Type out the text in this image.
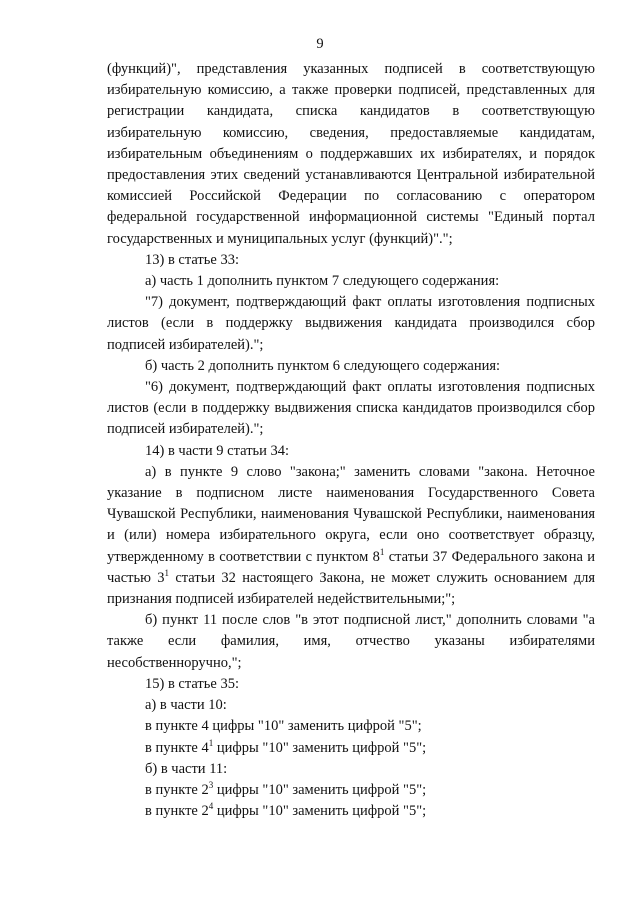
9

(функций)", представления указанных подписей в соответствующую избирательную комиссию, а также проверки подписей, представленных для регистрации кандидата, списка кандидатов в соответствующую избирательную комиссию, сведения, предоставляемые кандидатам, избирательным объединениям о поддержавших их избирателях, и порядок предоставления этих сведений устанавливаются Центральной избирательной комиссией Российской Федерации по согласованию с оператором федеральной государственной информационной системы "Единый портал государственных и муниципальных услуг (функций)".";

13) в статье 33:

а) часть 1 дополнить пунктом 7 следующего содержания:

"7) документ, подтверждающий факт оплаты изготовления подписных листов (если в поддержку выдвижения кандидата производился сбор подписей избирателей).";

б) часть 2 дополнить пунктом 6 следующего содержания:

"6) документ, подтверждающий факт оплаты изготовления подписных листов (если в поддержку выдвижения списка кандидатов производился сбор подписей избирателей).";

14) в части 9 статьи 34:

а) в пункте 9 слово "закона;" заменить словами "закона. Неточное указание в подписном листе наименования Государственного Совета Чувашской Республики, наименования Чувашской Республики, наименования и (или) номера избирательного округа, если оно соответствует образцу, утвержденному в соответствии с пунктом $8^1$ статьи 37 Федерального закона и частью $3^1$ статьи 32 настоящего Закона, не может служить основанием для признания подписей избирателей недействительными;";

б) пункт 11 после слов "в этот подписной лист," дополнить словами "а также если фамилия, имя, отчество указаны избирателями несобственноручно,";

15) в статье 35:

а) в части 10:

в пункте 4 цифры "10" заменить цифрой "5";

в пункте $4^1$ цифры "10" заменить цифрой "5";

б) в части 11:

в пункте $2^3$ цифры "10" заменить цифрой "5";

в пункте $2^4$ цифры "10" заменить цифрой "5";
